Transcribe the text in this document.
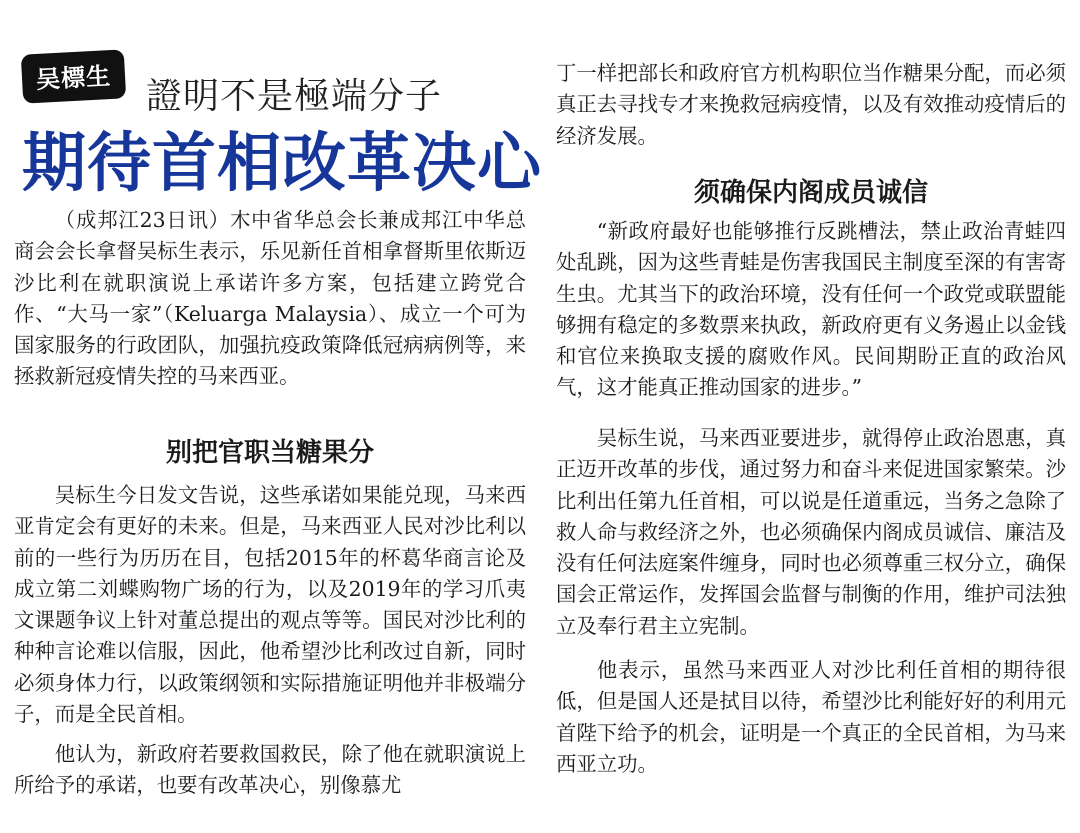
吴標生 證明不是極端分子
期待首相改革决心

（成邦江23日讯）木中省华总会长兼成邦江中华总商会会长拿督吴标生表示，乐见新任首相拿督斯里依斯迈沙比利在就职演说上承诺许多方案，包括建立跨党合作、“大马一家”（Keluarga Malaysia）、成立一个可为国家服务的行政团队，加强抗疫政策降低冠病病例等，来拯救新冠疫情失控的马来西亚。

别把官职当糖果分

吴标生今日发文告说，这些承诺如果能兑现，马来西亚肯定会有更好的未来。但是，马来西亚人民对沙比利以前的一些行为历历在目，包括2015年的杯葛华商言论及成立第二刘蝶购物广场的行为，以及2019年的学习爪夷文课题争议上针对董总提出的观点等等。国民对沙比利的种种言论难以信服，因此，他希望沙比利改过自新，同时必须身体力行，以政策纲领和实际措施证明他并非极端分子，而是全民首相。

他认为，新政府若要救国救民，除了他在就职演说上所给予的承诺，也要有改革决心，别像慕尤

丁一样把部长和政府官方机构职位当作糖果分配，而必须真正去寻找专才来挽救冠病疫情，以及有效推动疫情后的经济发展。

须确保内阁成员诚信

“新政府最好也能够推行反跳槽法，禁止政治青蛙四处乱跳，因为这些青蛙是伤害我国民主制度至深的有害寄生虫。尤其当下的政治环境，没有任何一个政党或联盟能够拥有稳定的多数票来执政，新政府更有义务遏止以金钱和官位来换取支援的腐败作风。民间期盼正直的政治风气，这才能真正推动国家的进步。”

吴标生说，马来西亚要进步，就得停止政治恩惠，真正迈开改革的步伐，通过努力和奋斗来促进国家繁荣。沙比利出任第九任首相，可以说是任道重远，当务之急除了救人命与救经济之外，也必须确保内阁成员诚信、廉洁及没有任何法庭案件缠身，同时也必须尊重三权分立，确保国会正常运作，发挥国会监督与制衡的作用，维护司法独立及奉行君主立宪制。

他表示，虽然马来西亚人对沙比利任首相的期待很低，但是国人还是拭目以待，希望沙比利能好好的利用元首陛下给予的机会，证明是一个真正的全民首相，为马来西亚立功。
